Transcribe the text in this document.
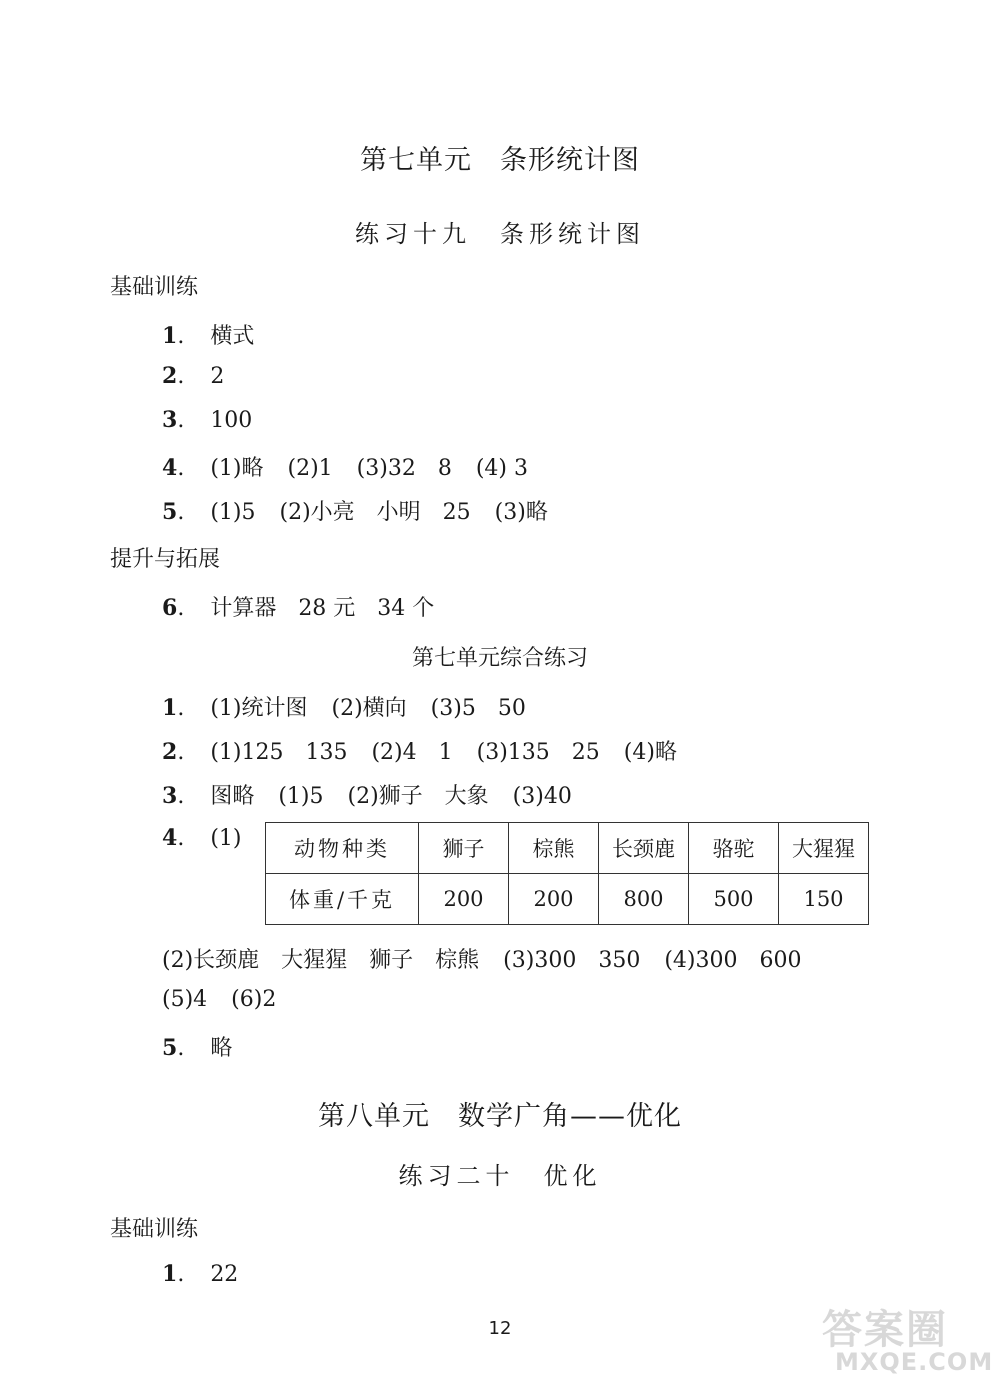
第七单元　条形统计图
练习十九　条形统计图
基础训练
1. 横式
2. 2
3. 100
4. (1)略 (2)1 (3)32　8 (4) 3
5. (1)5 (2)小亮　小明　25 (3)略
提升与拓展
6. 计算器　28 元　34 个
第七单元综合练习
1. (1)统计图 (2)横向 (3)5　50
2. (1)125　135 (2)4　1 (3)135　25 (4)略
3. 图略 (1)5 (2)狮子　大象 (3)40
4. (1)	动物种类	狮子	棕熊	长颈鹿	骆驼	大猩猩
体重/千克	200	200	800	500	150
(2)长颈鹿　大猩猩　狮子　棕熊 (3)300　350 (4)300　600
(5)4 (6)2
5. 略
第八单元　数学广角——优化
练习二十　优化
基础训练
1. 22
12	答案圈
MXQE.COM
